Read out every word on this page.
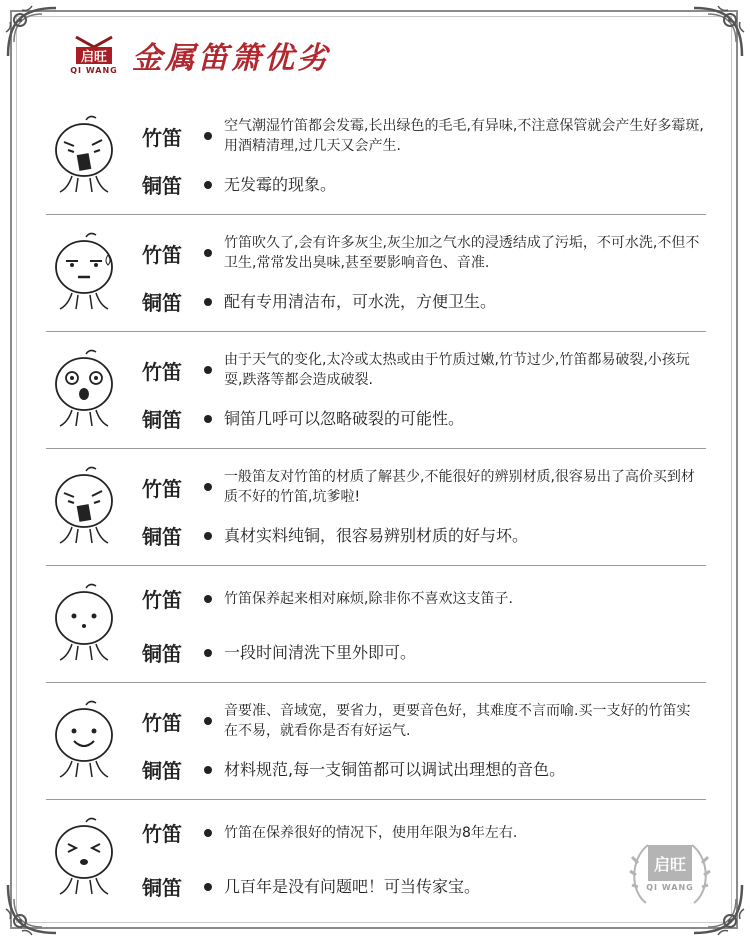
启旺
QI WANG 金属笛箫优劣
竹笛	空气潮湿竹笛都会发霉,长出绿色的毛毛,有异味,不注意保管就会产生好多霉斑,用酒精清理,过几天又会产生.
铜笛	无发霉的现象。
竹笛	竹笛吹久了,会有许多灰尘,灰尘加之气水的浸透结成了污垢，不可水洗,不但不卫生,常常发出臭味,甚至要影响音色、音准.
铜笛	配有专用清洁布，可水洗，方便卫生。
竹笛	由于天气的变化,太冷或太热或由于竹质过嫩,竹节过少,竹笛都易破裂,小孩玩耍,跌落等都会造成破裂.
铜笛	铜笛几呼可以忽略破裂的可能性。
竹笛	一般笛友对竹笛的材质了解甚少,不能很好的辨别材质,很容易出了高价买到材质不好的竹笛,坑爹啦!
铜笛	真材实料纯铜，很容易辨别材质的好与坏。
竹笛	竹笛保养起来相对麻烦,除非你不喜欢这支笛子.
铜笛	一段时间清洗下里外即可。
竹笛	音要准、音域宽，要省力，更要音色好，其难度不言而喻.买一支好的竹笛实在不易，就看你是否有好运气.
铜笛	材料规范,每一支铜笛都可以调试出理想的音色。
竹笛	竹笛在保养很好的情况下，使用年限为8年左右.
铜笛	几百年是没有问题吧！可当传家宝。
启旺
QI WANG
